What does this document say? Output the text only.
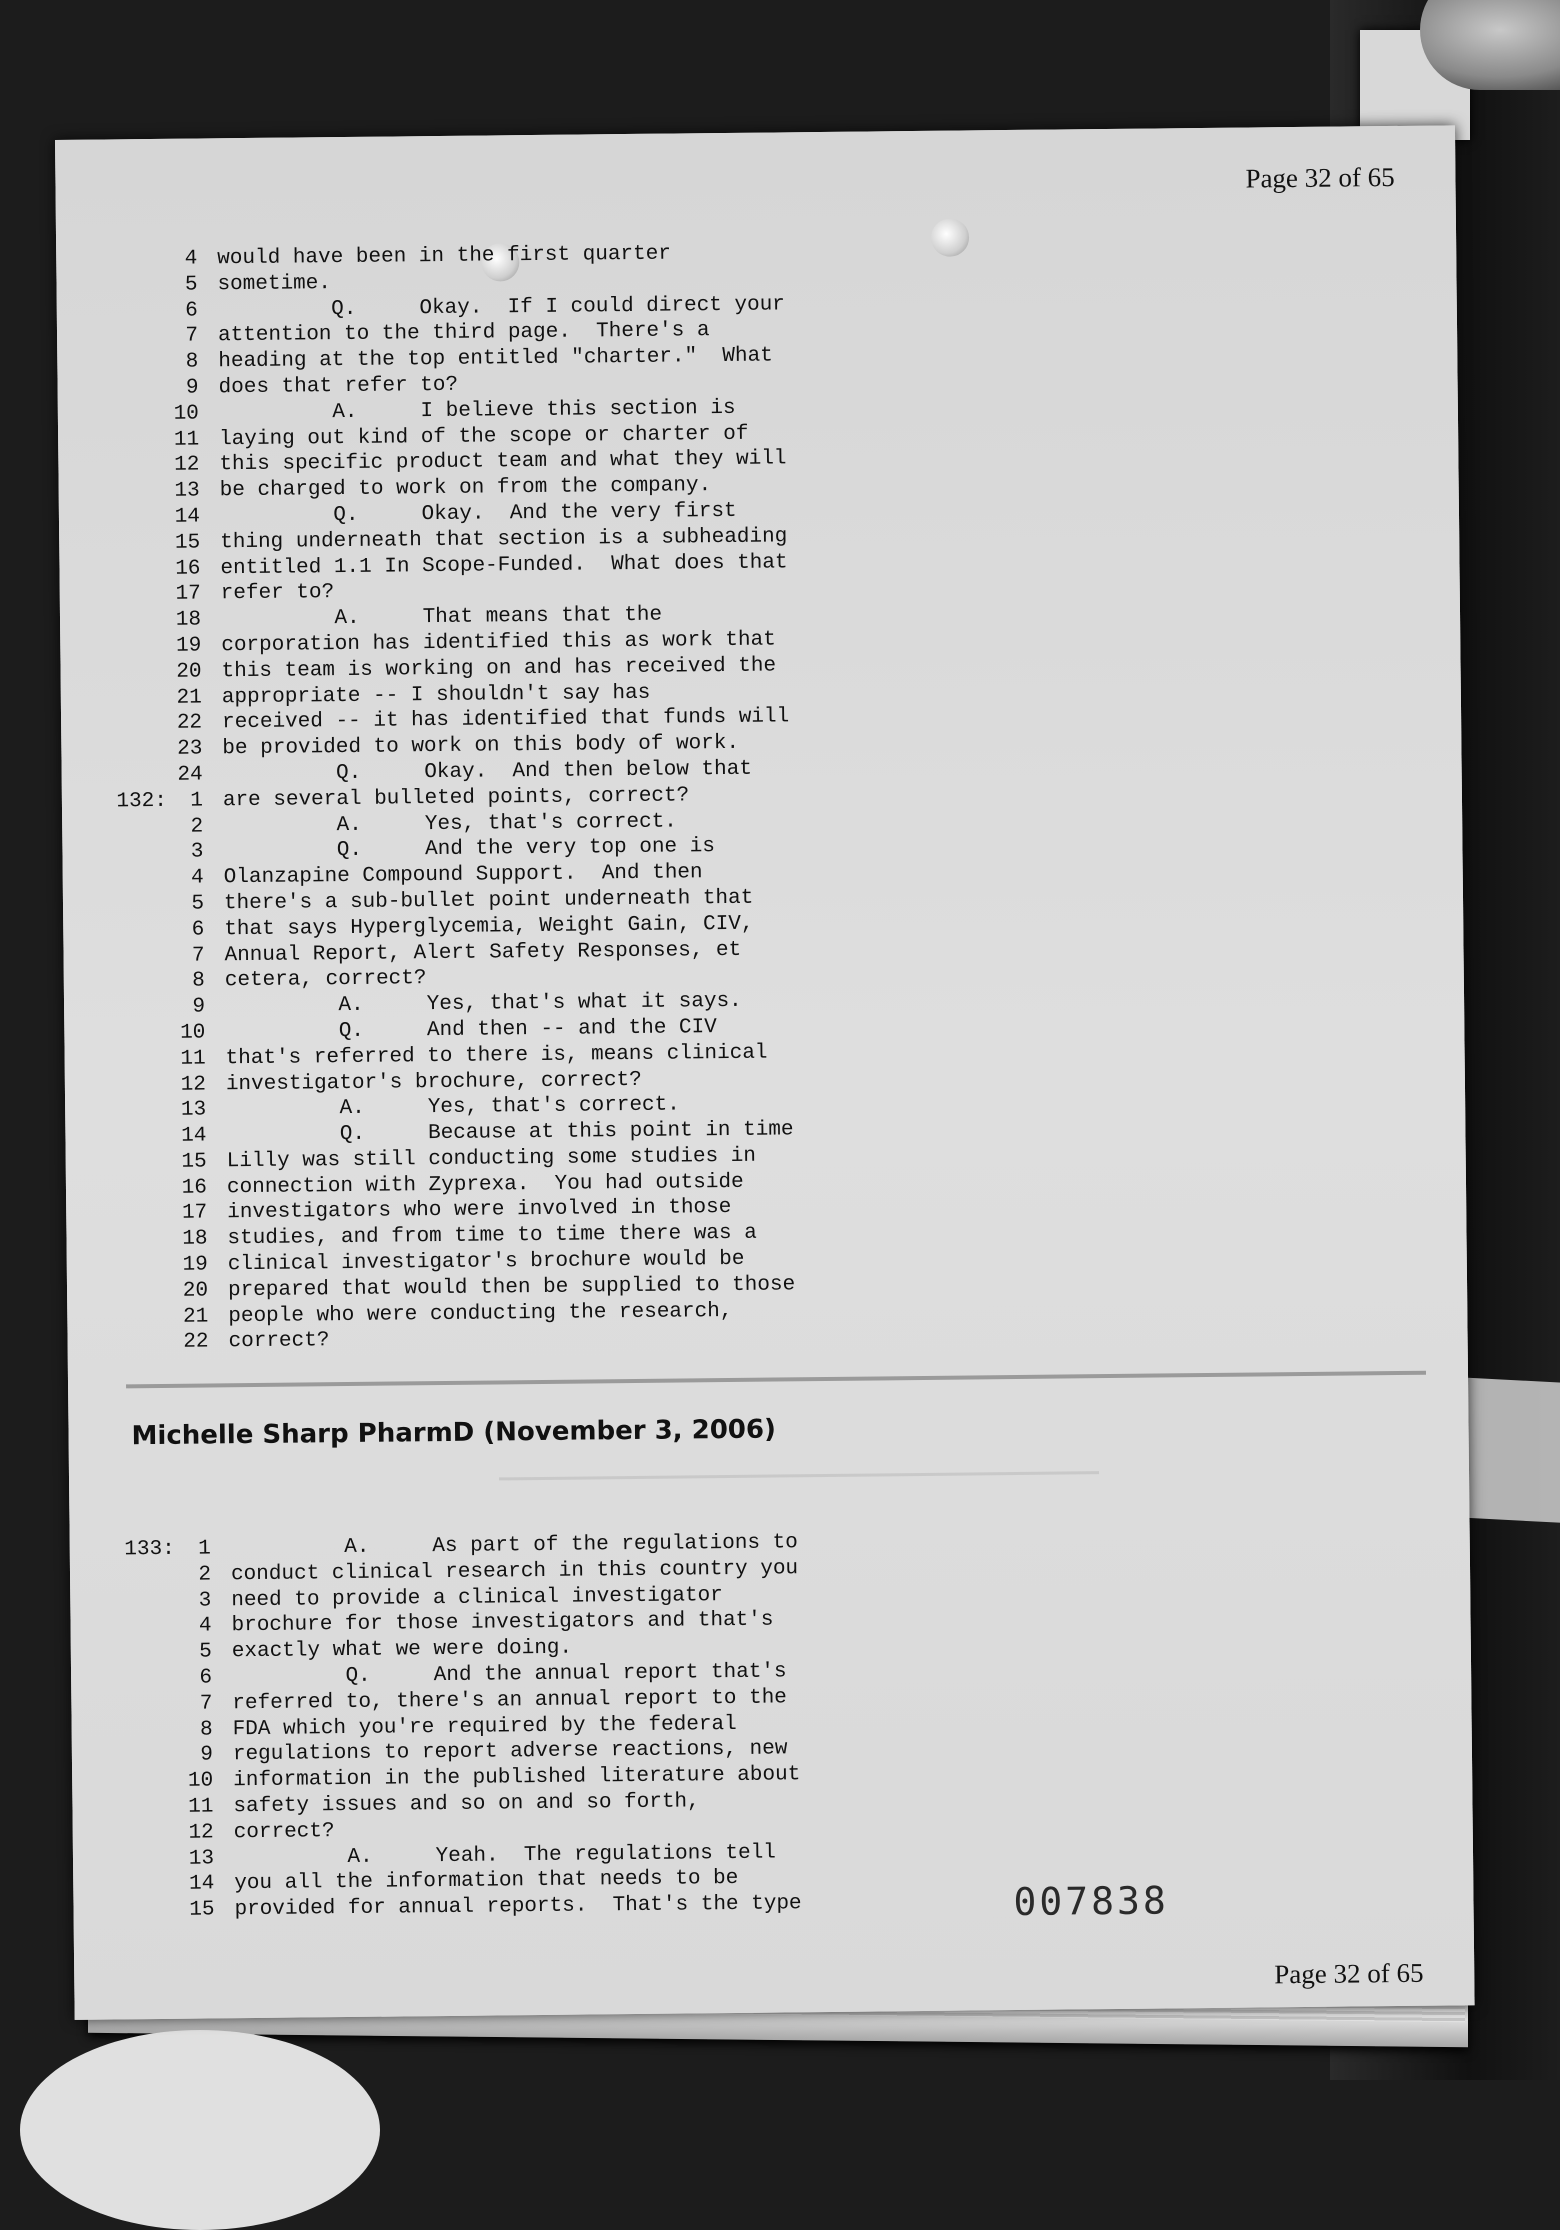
Page 32 of 65
4 would have been in the first quarter
5 sometime.
6 Q.     Okay.  If I could direct your
7 attention to the third page.  There's a
8 heading at the top entitled "charter."  What
9 does that refer to?
10 A.     I believe this section is
11 laying out kind of the scope or charter of
12 this specific product team and what they will
13 be charged to work on from the company.
14 Q.     Okay.  And the very first
15 thing underneath that section is a subheading
16 entitled 1.1 In Scope-Funded.  What does that
17 refer to?
18 A.     That means that the
19 corporation has identified this as work that
20 this team is working on and has received the
21 appropriate -- I shouldn't say has
22 received -- it has identified that funds will
23 be provided to work on this body of work.
24 Q.     Okay.  And then below that
132:	1 are several bulleted points, correct?
2 A.     Yes, that's correct.
3 Q.     And the very top one is
4 Olanzapine Compound Support.  And then
5 there's a sub-bullet point underneath that
6 that says Hyperglycemia, Weight Gain, CIV,
7 Annual Report, Alert Safety Responses, et
8 cetera, correct?
9 A.     Yes, that's what it says.
10 Q.     And then -- and the CIV
11 that's referred to there is, means clinical
12 investigator's brochure, correct?
13 A.     Yes, that's correct.
14 Q.     Because at this point in time
15 Lilly was still conducting some studies in
16 connection with Zyprexa.  You had outside
17 investigators who were involved in those
18 studies, and from time to time there was a
19 clinical investigator's brochure would be
20 prepared that would then be supplied to those
21 people who were conducting the research,
22 correct?
Michelle Sharp PharmD (November 3, 2006)
133:	1 A.     As part of the regulations to
2 conduct clinical research in this country you
3 need to provide a clinical investigator
4 brochure for those investigators and that's
5 exactly what we were doing.
6 Q.     And the annual report that's
7 referred to, there's an annual report to the
8 FDA which you're required by the federal
9 regulations to report adverse reactions, new
10 information in the published literature about
11 safety issues and so on and so forth,
12 correct?
13 A.     Yeah.  The regulations tell
14 you all the information that needs to be
15 provided for annual reports.  That's the type	007838
Page 32 of 65
